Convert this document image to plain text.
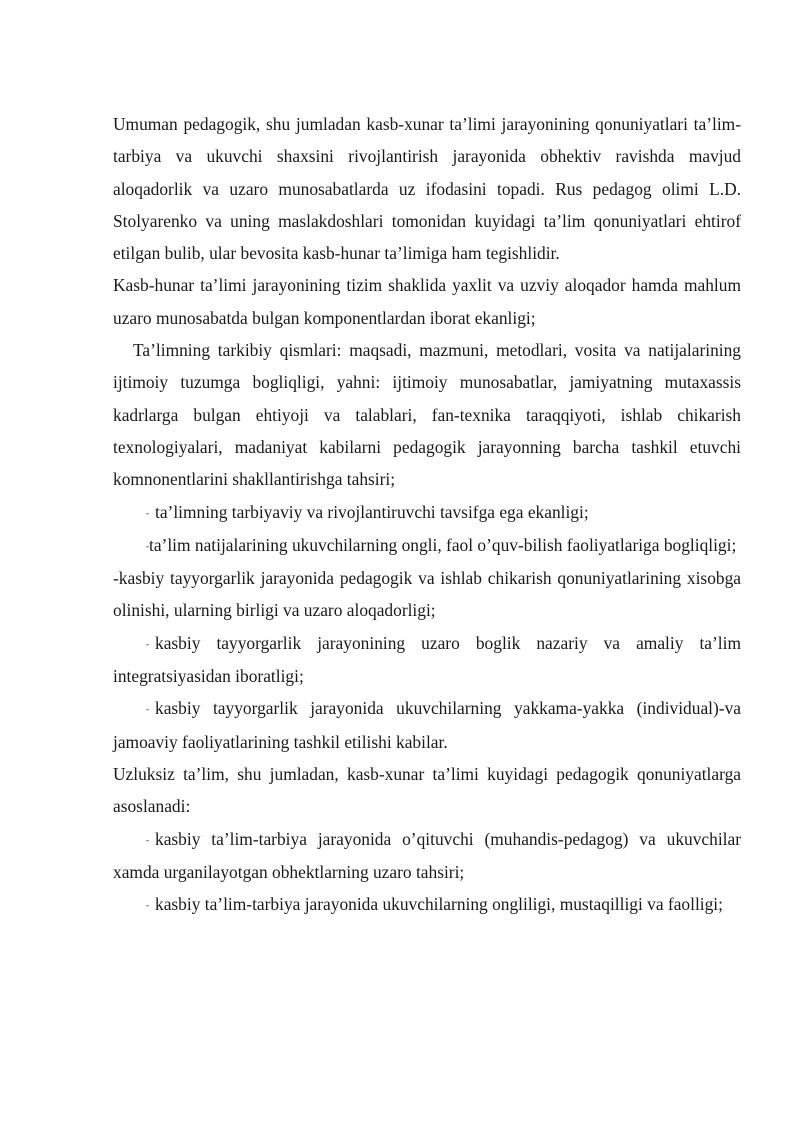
Umuman pedagogik, shu jumladan kasb-xunar ta’limi jarayonining qonuniyatlari ta’lim-tarbiya va ukuvchi shaxsini rivojlantirish jarayonida obhektiv ravishda mavjud aloqadorlik va uzaro munosabatlarda uz ifodasini topadi. Rus pedagog olimi L.D. Stolyarenko va uning maslakdoshlari tomonidan kuyidagi ta’lim qonuniyatlari ehtirof etilgan bulib, ular bevosita kasb-hunar ta’limiga ham tegishlidir.

Kasb-hunar ta’limi jarayonining tizim shaklida yaxlit va uzviy aloqador hamda mahlum uzaro munosabatda bulgan komponentlardan iborat ekanligi;

Ta’limning tarkibiy qismlari: maqsadi, mazmuni, metodlari, vosita va natijalarining ijtimoiy tuzumga bogliqligi, yahni: ijtimoiy munosabatlar, jamiyatning mutaxassis kadrlarga bulgan ehtiyoji va talablari, fan-texnika taraqqiyoti, ishlab chikarish texnologiyalari, madaniyat kabilarni pedagogik jarayonning barcha tashkil etuvchi komnonentlarini shakllantirishga tahsiri;

- ta’limning tarbiyaviy va rivojlantiruvchi tavsifga ega ekanligi;

-ta’lim natijalarining ukuvchilarning ongli, faol o’quv-bilish faoliyatlariga bogliqligi;

-kasbiy tayyorgarlik jarayonida pedagogik va ishlab chikarish qonuniyatlarining xisobga olinishi, ularning birligi va uzaro aloqadorligi;

- kasbiy tayyorgarlik jarayonining uzaro boglik nazariy va amaliy ta’lim integratsiyasidan iboratligi;

- kasbiy tayyorgarlik jarayonida ukuvchilarning yakkama-yakka (individual)-va jamoaviy faoliyatlarining tashkil etilishi kabilar.

Uzluksiz ta’lim, shu jumladan, kasb-xunar ta’limi kuyidagi pedagogik qonuniyatlarga asoslanadi:

- kasbiy ta’lim-tarbiya jarayonida o’qituvchi (muhandis-pedagog) va ukuvchilar xamda urganilayotgan obhektlarning uzaro tahsiri;

- kasbiy ta’lim-tarbiya jarayonida ukuvchilarning ongliligi, mustaqilligi va faolligi;
